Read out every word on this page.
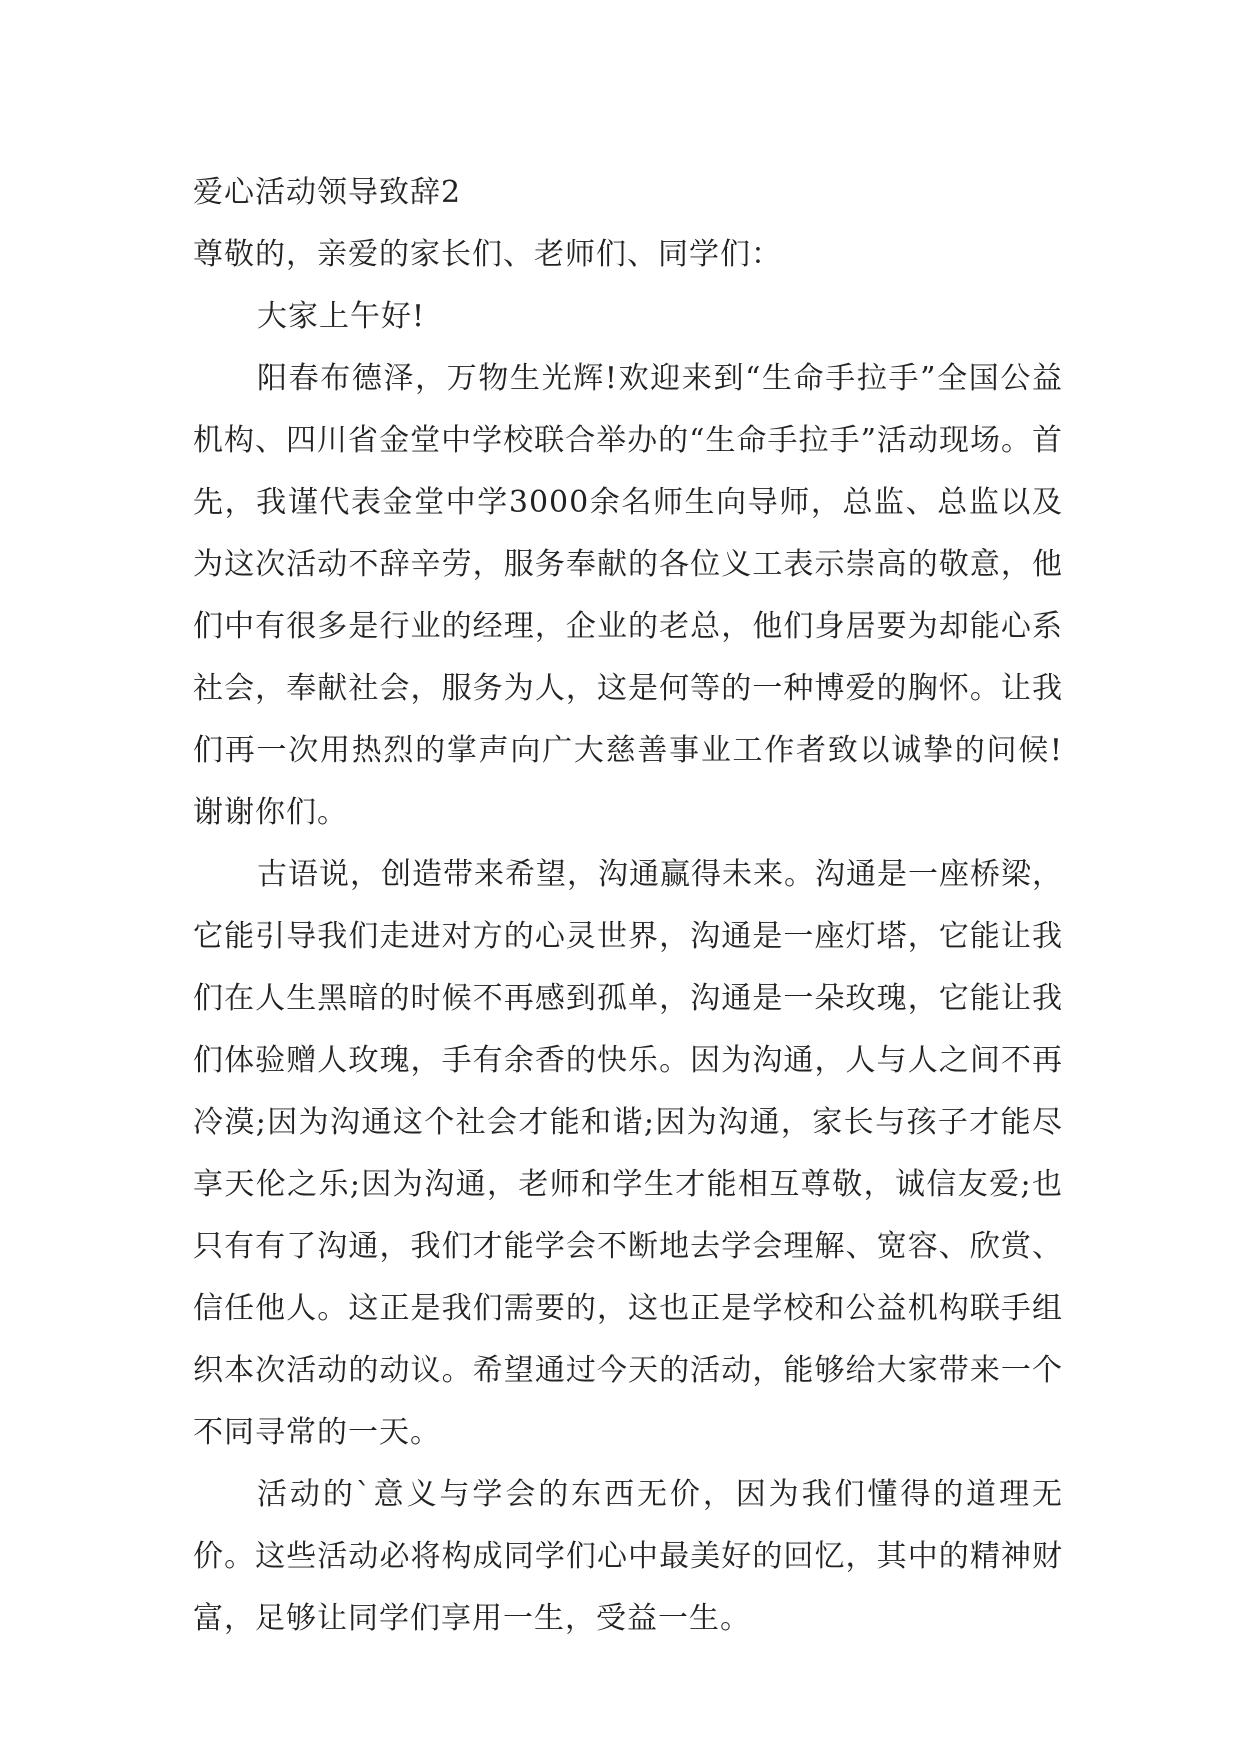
爱心活动领导致辞2

尊敬的，亲爱的家长们、老师们、同学们：

大家上午好!

阳春布德泽，万物生光辉!欢迎来到“生命手拉手”全国公益机构、四川省金堂中学校联合举办的“生命手拉手”活动现场。首先，我谨代表金堂中学3000余名师生向导师，总监、总监以及为这次活动不辞辛劳，服务奉献的各位义工表示崇高的敬意，他们中有很多是行业的经理，企业的老总，他们身居要为却能心系社会，奉献社会，服务为人，这是何等的一种博爱的胸怀。让我们再一次用热烈的掌声向广大慈善事业工作者致以诚挚的问候!谢谢你们。

古语说，创造带来希望，沟通赢得未来。沟通是一座桥梁，它能引导我们走进对方的心灵世界，沟通是一座灯塔，它能让我们在人生黑暗的时候不再感到孤单，沟通是一朵玫瑰，它能让我们体验赠人玫瑰，手有余香的快乐。因为沟通，人与人之间不再冷漠;因为沟通这个社会才能和谐;因为沟通，家长与孩子才能尽享天伦之乐;因为沟通，老师和学生才能相互尊敬，诚信友爱;也只有有了沟通，我们才能学会不断地去学会理解、宽容、欣赏、信任他人。这正是我们需要的，这也正是学校和公益机构联手组织本次活动的动议。希望通过今天的活动，能够给大家带来一个不同寻常的一天。

活动的`意义与学会的东西无价，因为我们懂得的道理无价。这些活动必将构成同学们心中最美好的回忆，其中的精神财富，足够让同学们享用一生，受益一生。
